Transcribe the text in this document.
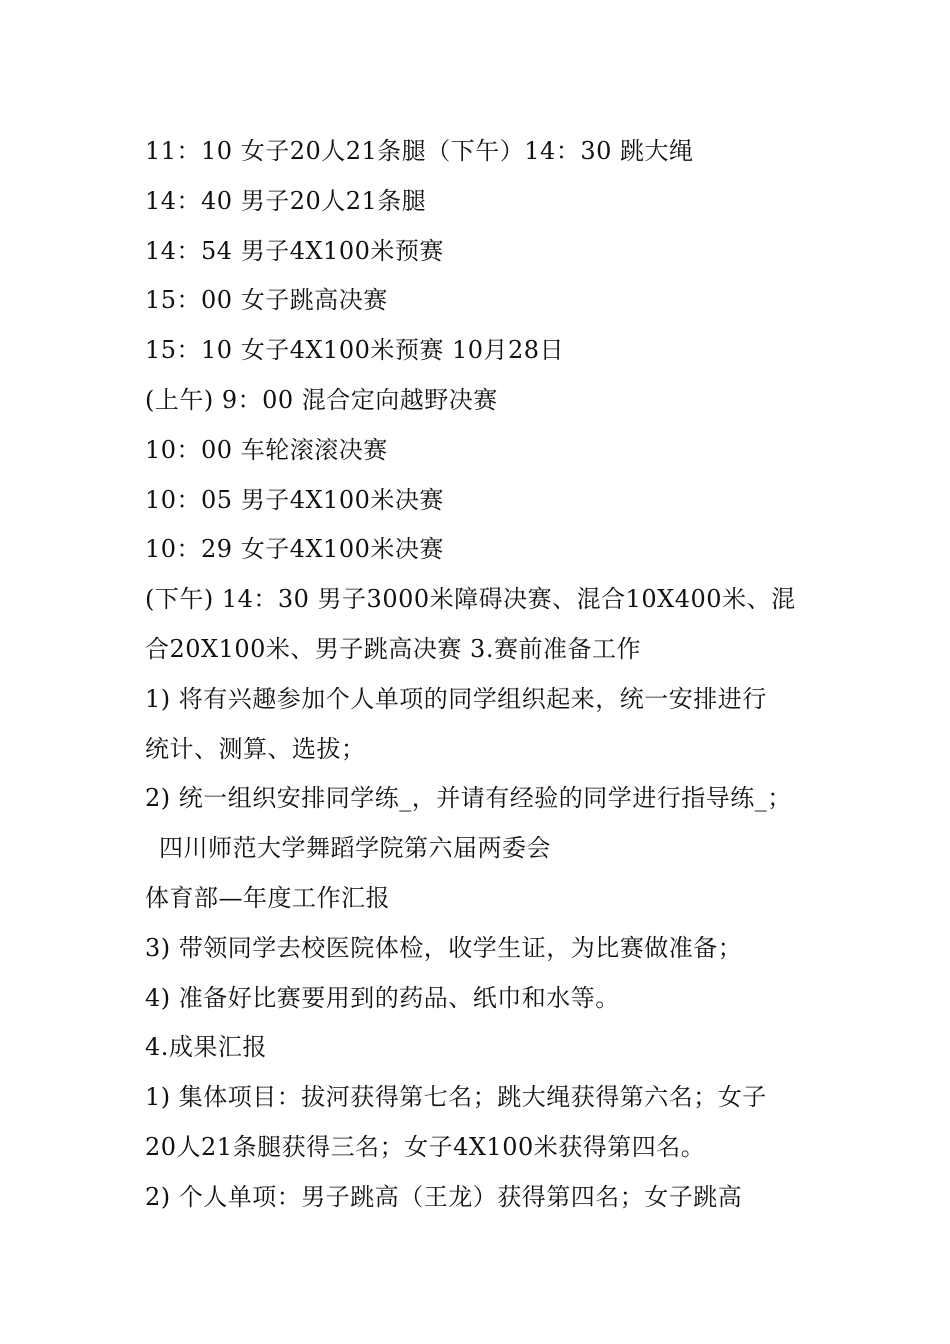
11：10 女子20人21条腿（下午）14：30 跳大绳
14：40 男子20人21条腿
14：54 男子4X100米预赛
15：00 女子跳高决赛
15：10 女子4X100米预赛 10月28日
(上午) 9：00 混合定向越野决赛
10：00 车轮滚滚决赛
10：05 男子4X100米决赛
10：29 女子4X100米决赛
(下午) 14：30 男子3000米障碍决赛、混合10X400米、混
合20X100米、男子跳高决赛 3.赛前准备工作
1) 将有兴趣参加个人单项的同学组织起来，统一安排进行
统计、测算、选拔；
2) 统一组织安排同学练_，并请有经验的同学进行指导练_；
四川师范大学舞蹈学院第六届两委会
体育部—年度工作汇报
3) 带领同学去校医院体检，收学生证，为比赛做准备；
4) 准备好比赛要用到的药品、纸巾和水等。
4.成果汇报
1) 集体项目：拔河获得第七名；跳大绳获得第六名；女子
20人21条腿获得三名；女子4X100米获得第四名。
2) 个人单项：男子跳高（王龙）获得第四名；女子跳高
